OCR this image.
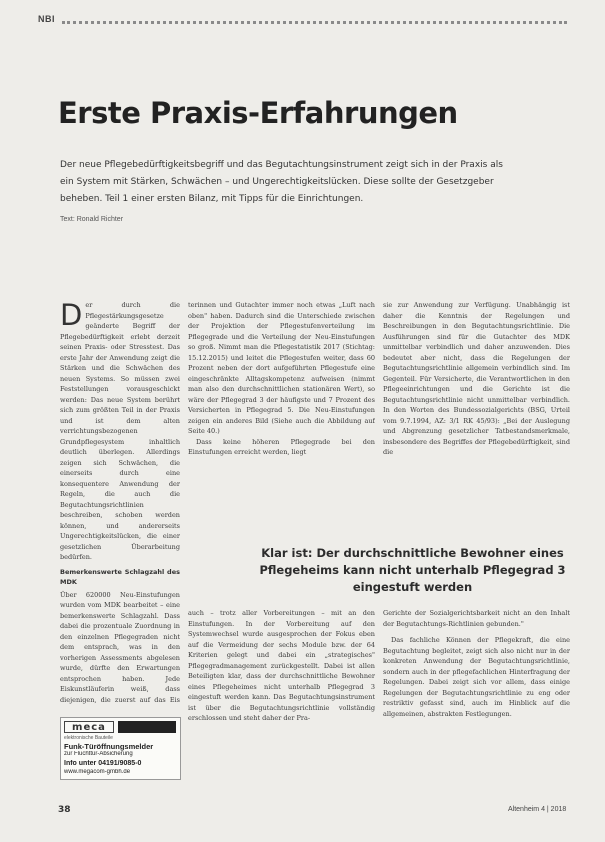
NBI
Erste Praxis-Erfahrungen
Der neue Pflegebedürftigkeitsbegriff und das Begutachtungsinstrument zeigt sich in der Praxis als ein System mit Stärken, Schwächen – und Ungerechtigkeitslücken. Diese sollte der Gesetzgeber beheben. Teil 1 einer ersten Bilanz, mit Tipps für die Einrichtungen.
Text: Ronald Richter
D er durch die Pflegestärkungsgesetze geänderte Begriff der Pflegebedürftigkeit erlebt derzeit seinen Praxis- oder Stresstest. Das erste Jahr der Anwendung zeigt die Stärken und die Schwächen des neuen Systems. So müssen zwei Feststellungen vorausgeschickt werden: Das neue System berührt sich zum größten Teil in der Praxis und ist dem alten verrichtungsbezogenen Grundpflegesystem inhaltlich deutlich überlegen. Allerdings zeigen sich Schwächen, die einerseits durch eine konsequentere Anwendung der Regeln, die auch die Begutachtungsrichtlinien beschreiben, schoben werden können, und andererseits Ungerechtigkeitslücken, die einer gesetzlichen Überarbeitung bedürfen.

Bemerkenswerte Schlagzahl des MDK

Über 620000 Neu-Einstufungen wurden vom MDK bearbeitet – eine bemerkenswerte Schlagzahl. Dass dabei die prozentuale Zuordnung in den einzelnen Pflegegraden nicht dem entsprach, was in den vorherigen Assessments abgelesen wurde, dürfte den Erwartungen entsprochen haben. Jede Eiskunstläuferin weiß, dass diejenigen, die zuerst auf das Eis

terinnen und Gutachter immer noch etwas „Luft nach oben" haben. Dadurch sind die Unterschiede zwischen der Projektion der Pflegestufenverteilung im Pflegegrade und die Verteilung der Neu-Einstufungen so groß. Nimmt man die Pflegestatistik 2017 (Stichtag: 15.12.2015) und leitet die Pflegestufen weiter, dass 60 Prozent neben der dort aufgeführten Pflegestufe eine eingeschränkte Alltagskompetenz aufweisen (nimmt man also den durchschnittlichen stationären Wert), so wäre der Pflegegrad 3 der häufigste und 7 Prozent des Versicherten in Pflegegrad 5. Die Neu-Einstufungen zeigen ein anderes Bild (Siehe auch die Abbildung auf Seite 40.)

Dass keine höheren Pflegegrade bei den Einstufungen erreicht werden, liegt

sie zur Anwendung zur Verfügung. Unabhängig ist daher die Kenntnis der Regelungen und Beschreibungen in den Begutachtungsrichtlinie. Die Ausführungen sind für die Gutachter des MDK unmittelbar verbindlich und daher anzuwenden. Dies bedeutet aber nicht, dass die Regelungen der Begutachtungsrichtlinie allgemein verbindlich sind. Im Gegenteil. Für Versicherte, die Verantwortlichen in den Pflegeeinrichtungen und die Gerichte ist die Begutachtungsrichtlinie nicht unmittelbar verbindlich. In den Worten des Bundessozialgerichts (BSG, Urteil vom 9.7.1994, AZ: 3/1 RK 45/93): „Bei der Auslegung und Abgrenzung gesetzlicher Tatbestandsmerkmale, insbesondere des Begriffes der Pflegebedürftigkeit, sind die

Klar ist: Der durchschnittliche Bewohner eines Pflegeheims kann nicht unterhalb Pflegegrad 3 eingestuft werden

auch – trotz aller Vorbereitungen – mit an den Einstufungen. In der Vorbereitung auf den Systemwechsel wurde ausgesprochen der Fokus eben auf die Vermeidung der sechs Module bzw. der 64 Kriterien gelegt und dabei ein „strategisches" Pflegegradmanagement zurückgestellt. Dabei ist allen Beteiligten klar, dass der durchschnittliche Bewohner eines Pflegeheimes nicht unterhalb Pflegegrad 3 eingestuft werden kann. Das Begutachtungsinstrument ist über die Begutachtungsrichtlinie vollständig erschlossen und steht daher der Pra-

Gerichte der Sozialgerichtsbarkeit nicht an den Inhalt der Begutachtungs-Richtlinien gebunden."

Das fachliche Können der Pflegekraft, die eine Begutachtung begleitet, zeigt sich also nicht nur in der konkreten Anwendung der Begutachtungsrichtlinie, sondern auch in der pflegefachlichen Hinterfragung der Regelungen. Dabei zeigt sich vor allem, dass einige Regelungen der Begutachtungsrichtlinie zu eng oder restriktiv gefasst sind, auch im Hinblick auf die allgemeinen, abstrakten Festlegungen.

meca
elektronische Bauteile
Funk-Türöffnungsmelder
zur Fluchttür-Absicherung
Info unter 04191/9085-0
www.megacom-gmbh.de
38	Altenheim 4 | 2018
